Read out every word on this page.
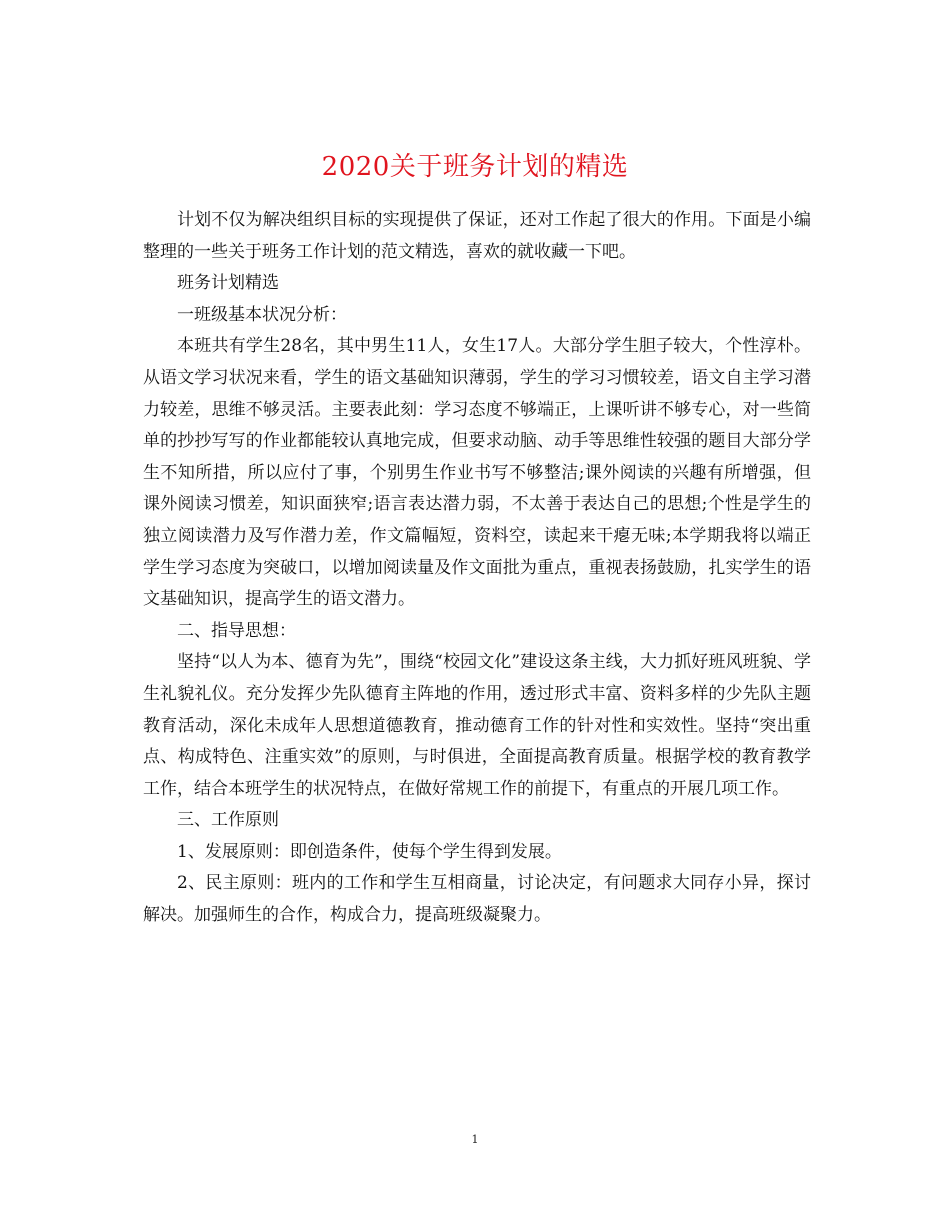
2020关于班务计划的精选

计划不仅为解决组织目标的实现提供了保证，还对工作起了很大的作用。下面是小编整理的一些关于班务工作计划的范文精选，喜欢的就收藏一下吧。

班务计划精选

一班级基本状况分析：

本班共有学生28名，其中男生11人，女生17人。大部分学生胆子较大，个性淳朴。从语文学习状况来看，学生的语文基础知识薄弱，学生的学习习惯较差，语文自主学习潜力较差，思维不够灵活。主要表此刻：学习态度不够端正，上课听讲不够专心，对一些简单的抄抄写写的作业都能较认真地完成，但要求动脑、动手等思维性较强的题目大部分学生不知所措，所以应付了事，个别男生作业书写不够整洁;课外阅读的兴趣有所增强，但课外阅读习惯差，知识面狭窄;语言表达潜力弱，不太善于表达自己的思想;个性是学生的独立阅读潜力及写作潜力差，作文篇幅短，资料空，读起来干瘪无味;本学期我将以端正学生学习态度为突破口，以增加阅读量及作文面批为重点，重视表扬鼓励，扎实学生的语文基础知识，提高学生的语文潜力。

二、指导思想：

坚持“以人为本、德育为先”，围绕“校园文化”建设这条主线，大力抓好班风班貌、学生礼貌礼仪。充分发挥少先队德育主阵地的作用，透过形式丰富、资料多样的少先队主题教育活动，深化未成年人思想道德教育，推动德育工作的针对性和实效性。坚持“突出重点、构成特色、注重实效”的原则，与时俱进，全面提高教育质量。根据学校的教育教学工作，结合本班学生的状况特点，在做好常规工作的前提下，有重点的开展几项工作。

三、工作原则

1、发展原则：即创造条件，使每个学生得到发展。

2、民主原则：班内的工作和学生互相商量，讨论决定，有问题求大同存小异，探讨解决。加强师生的合作，构成合力，提高班级凝聚力。

1
